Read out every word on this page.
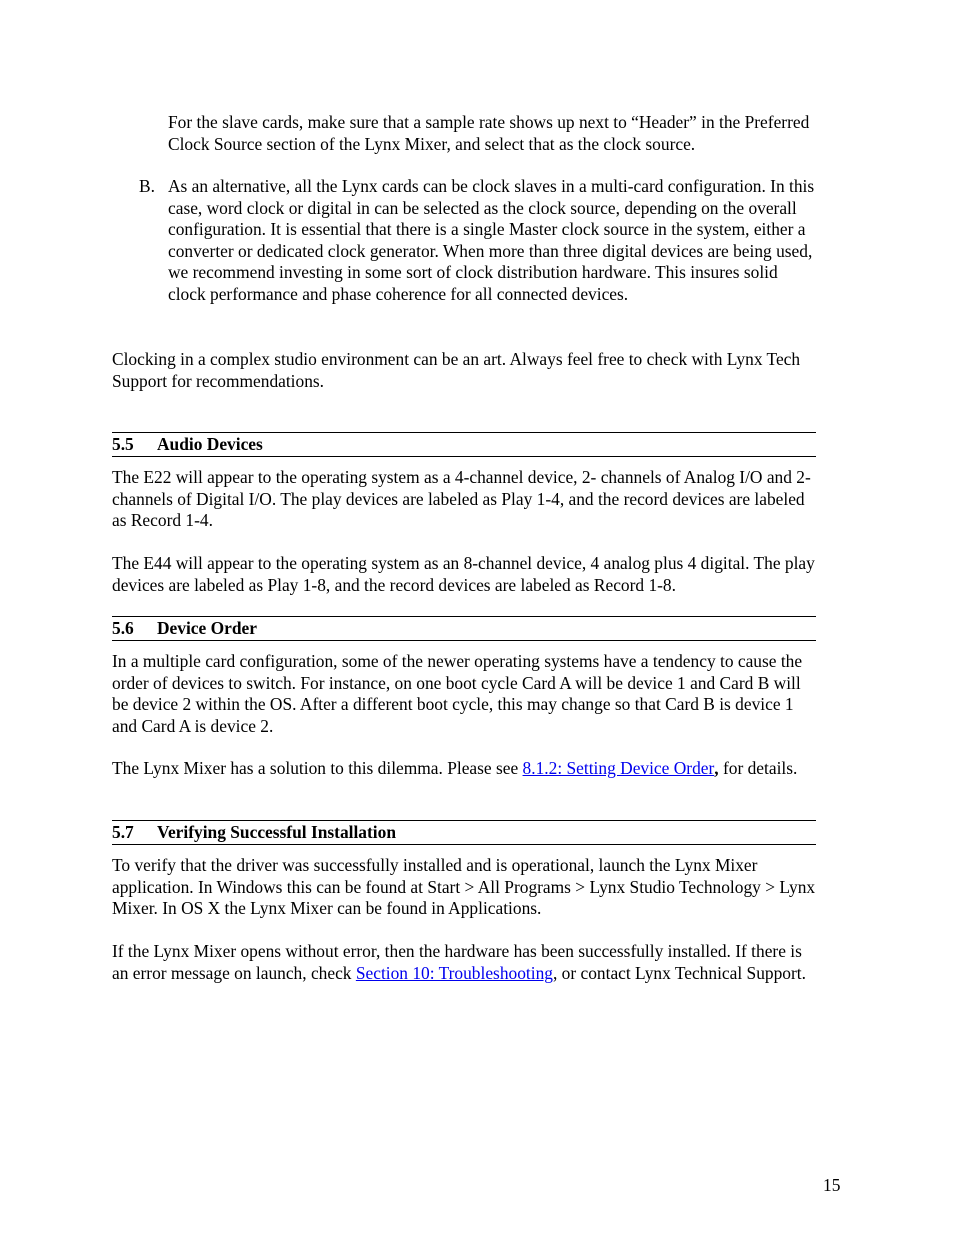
For the slave cards, make sure that a sample rate shows up next to “Header” in the Preferred Clock Source section of the Lynx Mixer, and select that as the clock source.

B. As an alternative, all the Lynx cards can be clock slaves in a multi-card configuration. In this case, word clock or digital in can be selected as the clock source, depending on the overall configuration. It is essential that there is a single Master clock source in the system, either a converter or dedicated clock generator. When more than three digital devices are being used, we recommend investing in some sort of clock distribution hardware. This insures solid clock performance and phase coherence for all connected devices.

Clocking in a complex studio environment can be an art. Always feel free to check with Lynx Tech Support for recommendations.

5.5 Audio Devices

The E22 will appear to the operating system as a 4-channel device, 2- channels of Analog I/O and 2-channels of Digital I/O. The play devices are labeled as Play 1-4, and the record devices are labeled as Record 1-4.

The E44 will appear to the operating system as an 8-channel device, 4 analog plus 4 digital. The play devices are labeled as Play 1-8, and the record devices are labeled as Record 1-8.

5.6 Device Order

In a multiple card configuration, some of the newer operating systems have a tendency to cause the order of devices to switch. For instance, on one boot cycle Card A will be device 1 and Card B will be device 2 within the OS. After a different boot cycle, this may change so that Card B is device 1 and Card A is device 2.

The Lynx Mixer has a solution to this dilemma. Please see 8.1.2: Setting Device Order, for details.

5.7 Verifying Successful Installation

To verify that the driver was successfully installed and is operational, launch the Lynx Mixer application. In Windows this can be found at Start > All Programs > Lynx Studio Technology > Lynx Mixer. In OS X the Lynx Mixer can be found in Applications.

If the Lynx Mixer opens without error, then the hardware has been successfully installed. If there is an error message on launch, check Section 10: Troubleshooting, or contact Lynx Technical Support.

15
